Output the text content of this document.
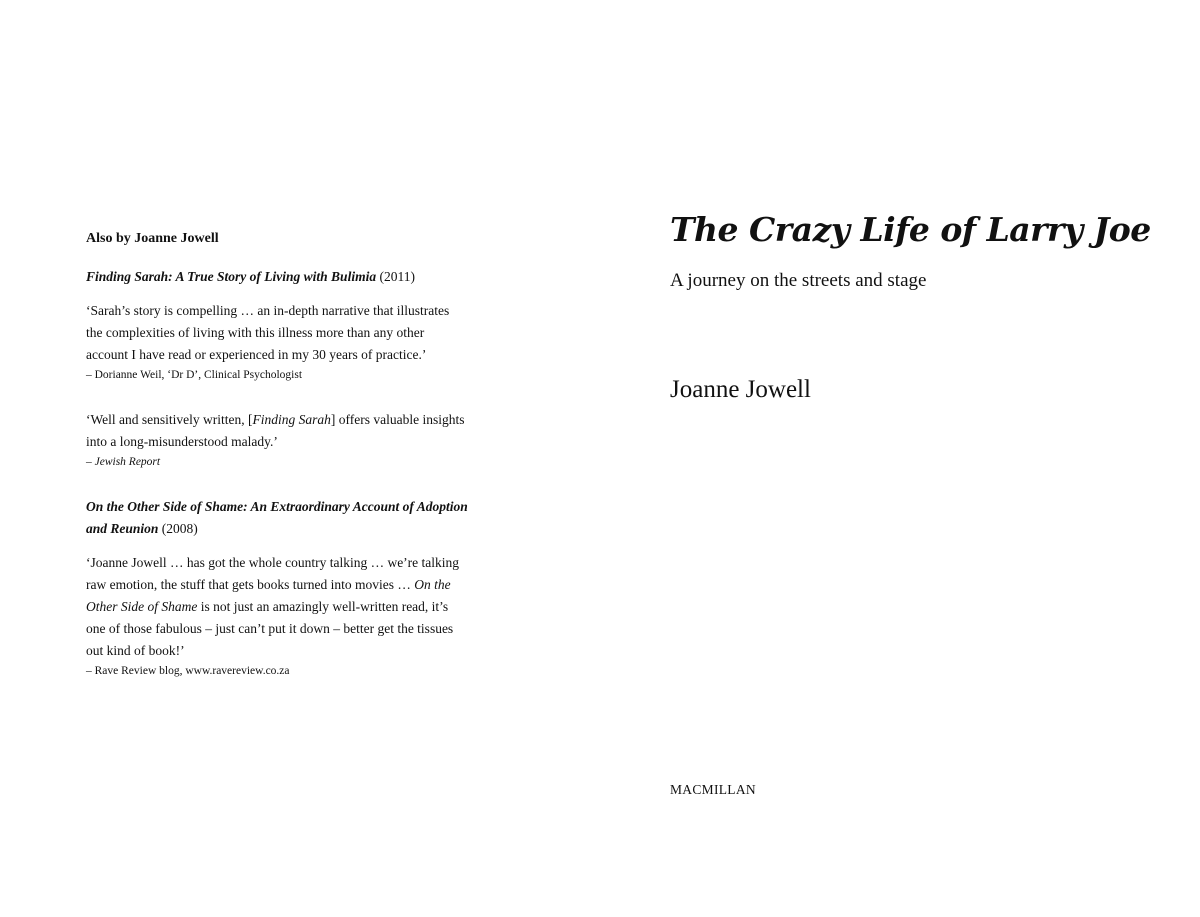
Also by Joanne Jowell

Finding Sarah: A True Story of Living with Bulimia (2011)

‘Sarah’s story is compelling … an in-depth narrative that illustrates

the complexities of living with this illness more than any other

account I have read or experienced in my 30 years of practice.’

– Dorianne Weil, ‘Dr D’, Clinical Psychologist

‘Well and sensitively written, [Finding Sarah] offers valuable insights

into a long-misunderstood malady.’

– Jewish Report

On the Other Side of Shame: An Extraordinary Account of Adoption
and Reunion (2008)

‘Joanne Jowell … has got the whole country talking … we’re talking

raw emotion, the stuff that gets books turned into movies … On the

Other Side of Shame is not just an amazingly well-written read, it’s

one of those fabulous – just can’t put it down – better get the tissues

out kind of book!’

– Rave Review blog, www.ravereview.co.za

The Crazy Life of Larry Joe

A journey on the streets and stage

Joanne Jowell

MACMILLAN
